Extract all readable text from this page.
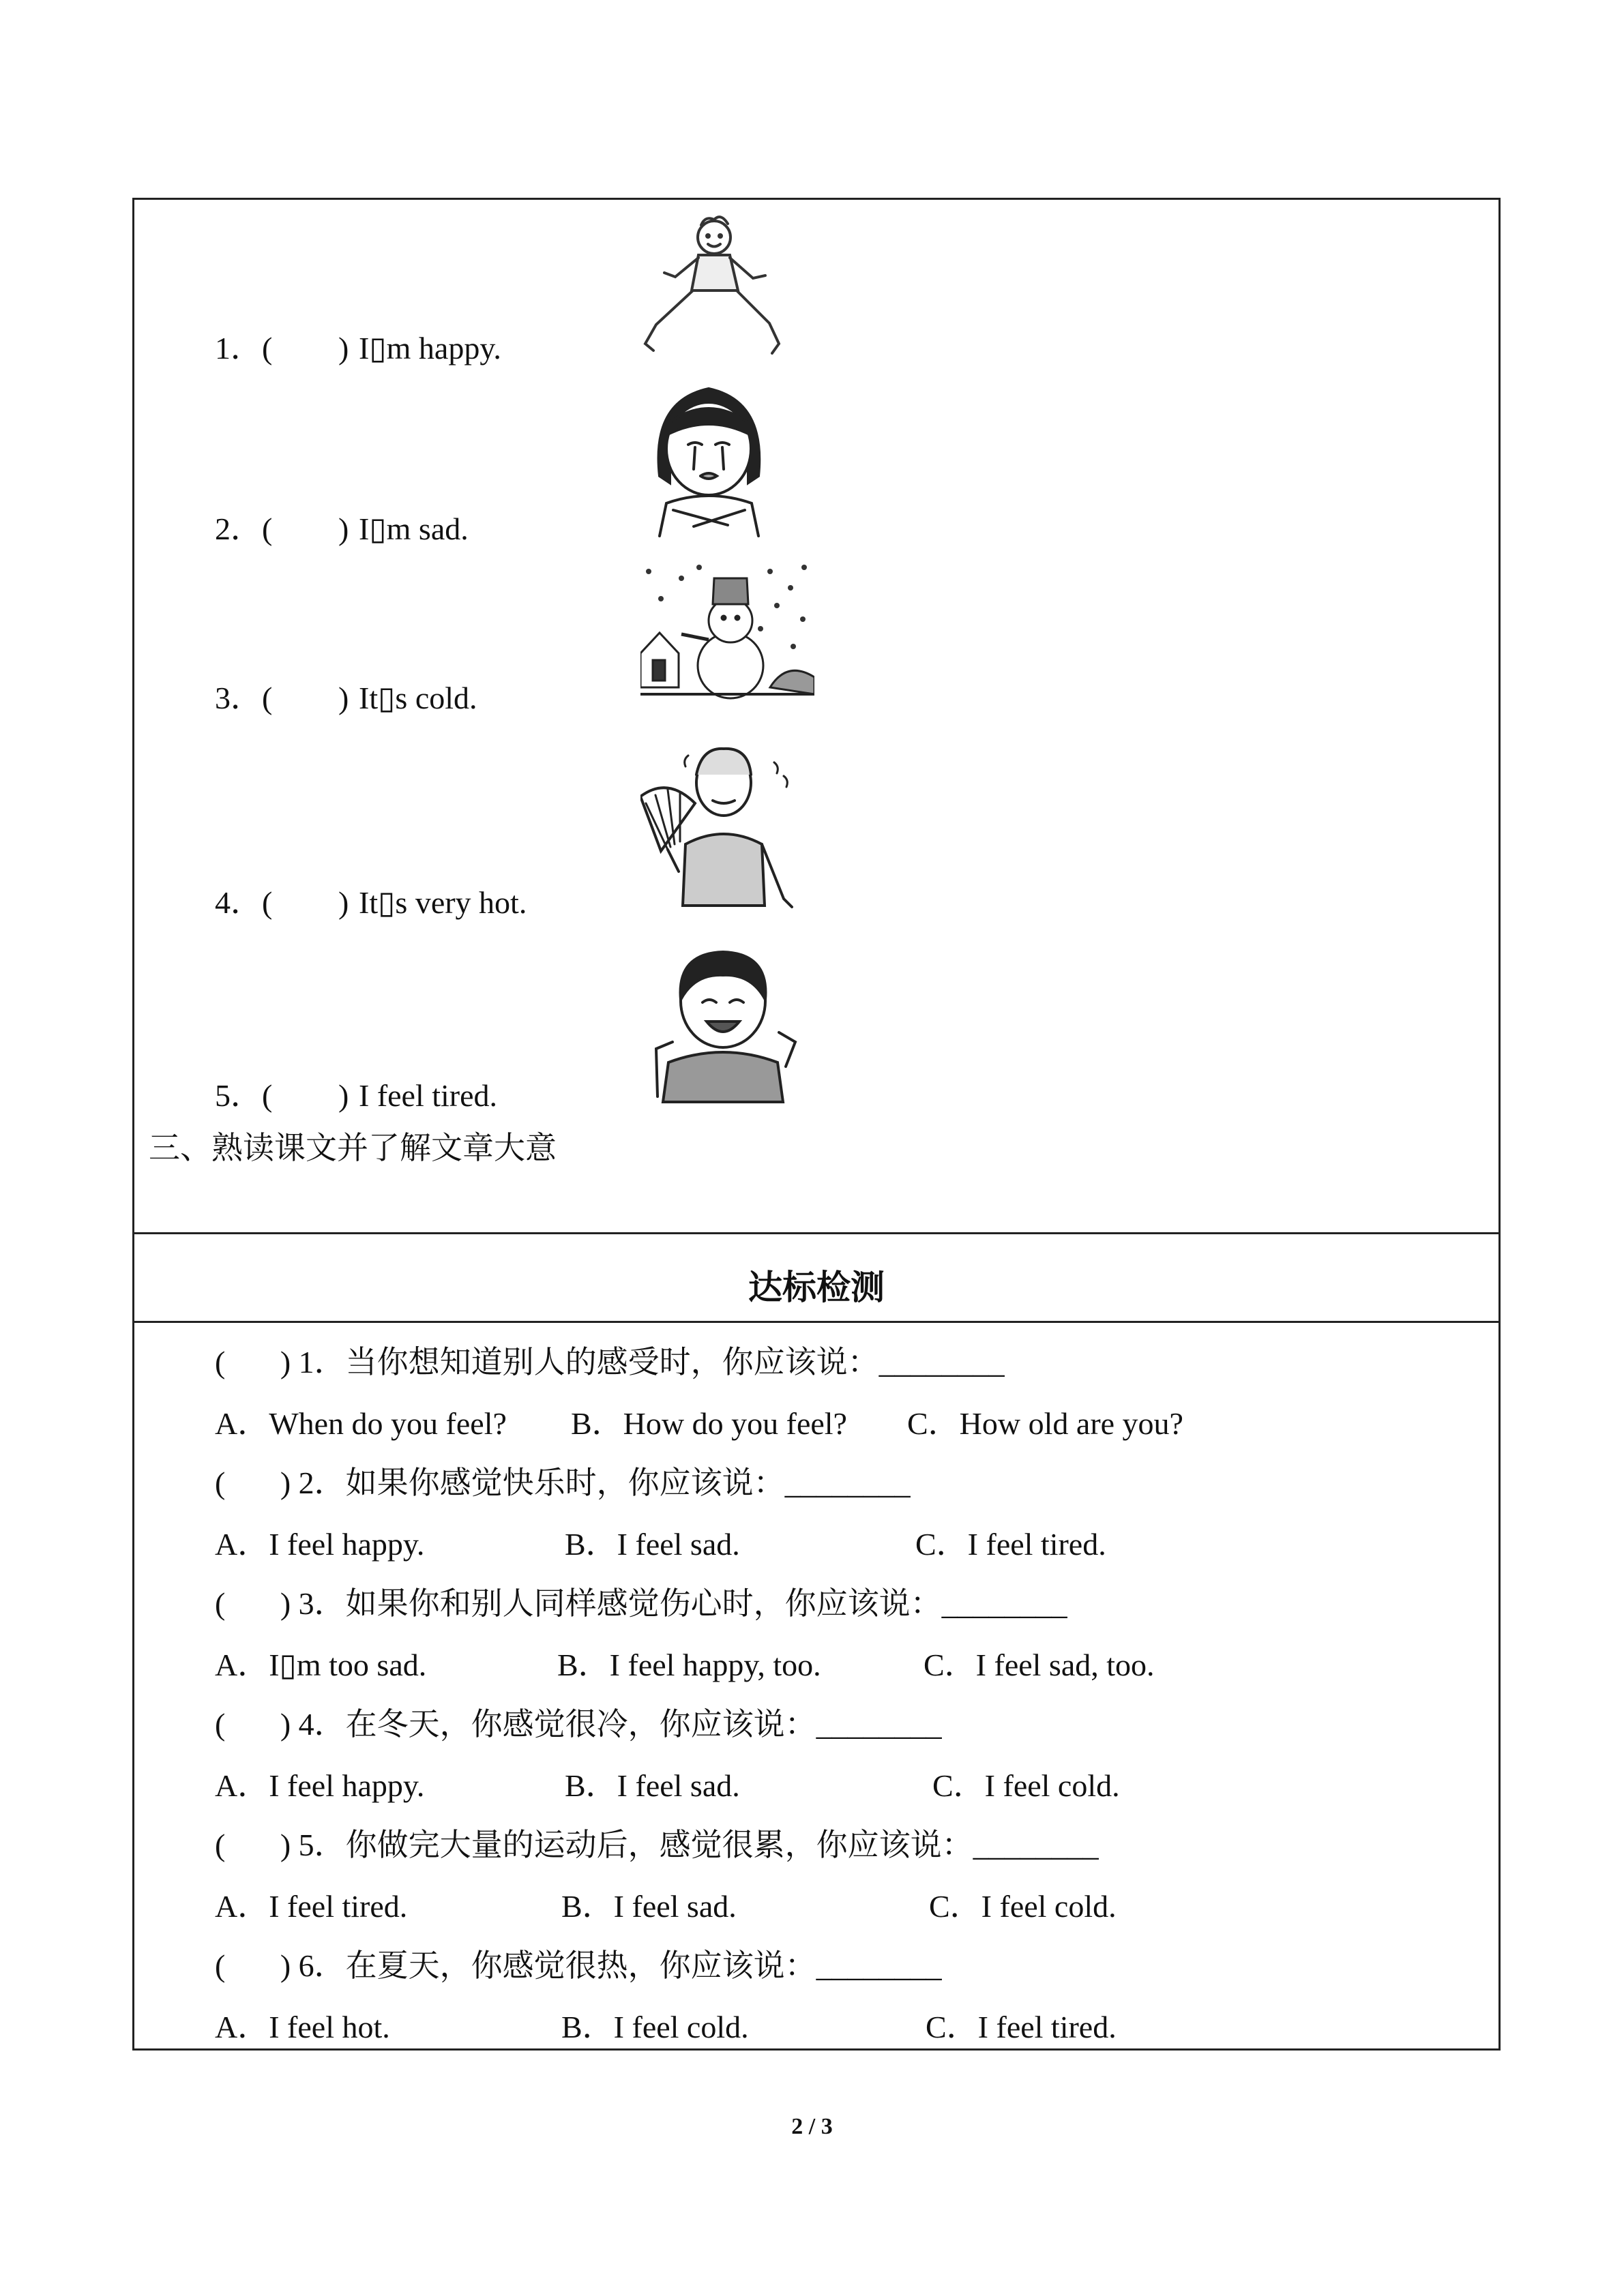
1．( ) I▯m happy.
2．( ) I▯m sad.
3．( ) It▯s cold.
4．( ) It▯s very hot.
5．( ) I feel tired.
三、熟读课文并了解文章大意
达标检测
(       ) 1．当你想知道别人的感受时，你应该说：________
A．When do you feel? B．How do you feel? C．How old are you?
(       ) 2．如果你感觉快乐时，你应该说：________
A．I feel happy.	B．I feel sad.	C．I feel tired.
(       ) 3．如果你和别人同样感觉伤心时，你应该说：________
A．I▯m too sad.	B．I feel happy, too.	C．I feel sad, too.
(       ) 4．在冬天，你感觉很冷，你应该说：________
A．I feel happy.	B．I feel sad.	C．I feel cold.
(       ) 5．你做完大量的运动后，感觉很累，你应该说：________
A．I feel tired.	B．I feel sad.	C．I feel cold.
(       ) 6．在夏天，你感觉很热，你应该说：________
A．I feel hot.	B．I feel cold.	C．I feel tired.
2 / 3
